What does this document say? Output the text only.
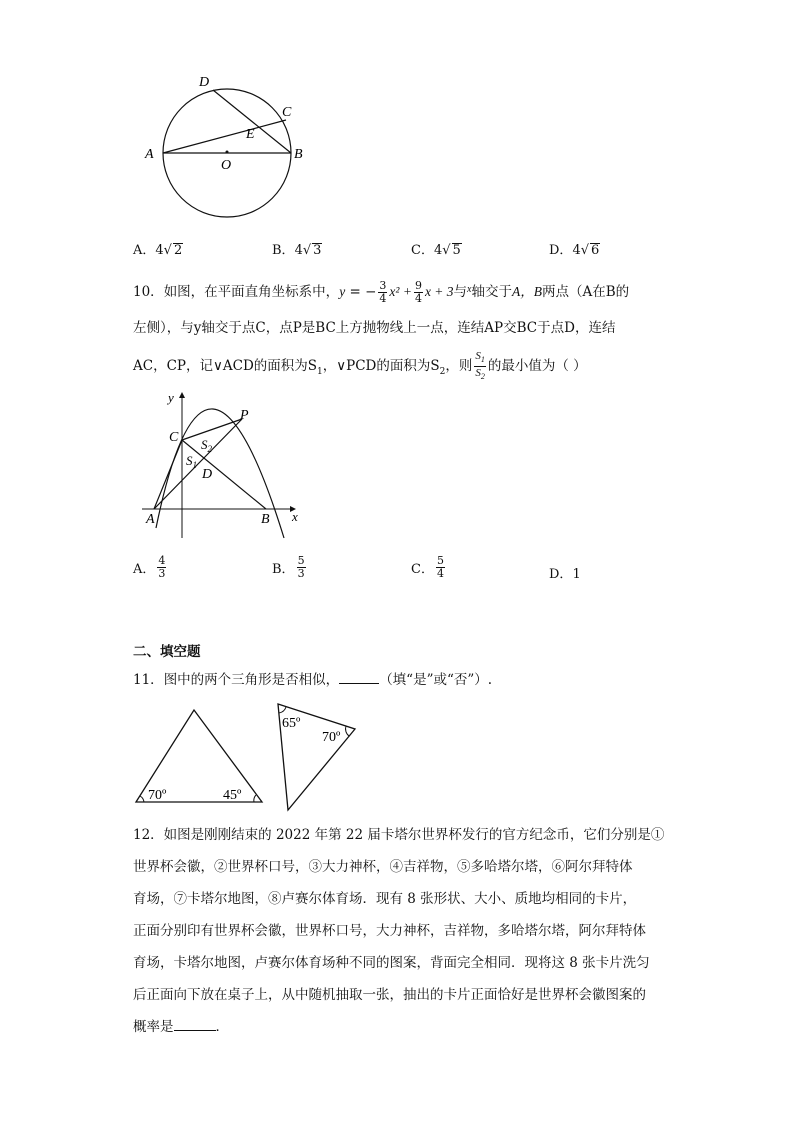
D
C
E
A
O
B
A．4√ 2	B．4√ 3	C．4√ 5	D．4√ 6
10．如图，在平面直角坐标系中，y = − $\frac{3}{4} x^2 + \frac{9}{4}$ x + 3与$^x$轴交于A，B两点（A在B的
左侧），与y轴交于点C，点P是BC上方抛物线上一点，连结AP交BC于点D，连结
AC，CP，记∨ACD的面积为$S_1$，∨PCD的面积为$S_2$，则 $\frac{S_1}{S_2}$ 的最小值为（ ）
y
x
C
P
$S_2$
$S_1$
D
A	B
A． $\frac{4}{3}$	B． $\frac{5}{3}$	C． $\frac{5}{4}$	D．1
二、填空题
11．图中的两个三角形是否相似，	（填“是”或“否”）.
70º	45º
65º
70º
12．如图是刚刚结束的 2022 年第 22 届卡塔尔世界杯发行的官方纪念币，它们分别是①
世界杯会徽，②世界杯口号，③大力神杯，④吉祥物，⑤多哈塔尔塔，⑥阿尔拜特体
育场，⑦卡塔尔地图，⑧卢赛尔体育场．现有 8 张形状、大小、质地均相同的卡片，
正面分别印有世界杯会徽，世界杯口号，大力神杯，吉祥物，多哈塔尔塔，阿尔拜特体
育场，卡塔尔地图，卢赛尔体育场种不同的图案，背面完全相同．现将这 8 张卡片洗匀
后正面向下放在桌子上，从中随机抽取一张，抽出的卡片正面恰好是世界杯会徽图案的
概率是	．
